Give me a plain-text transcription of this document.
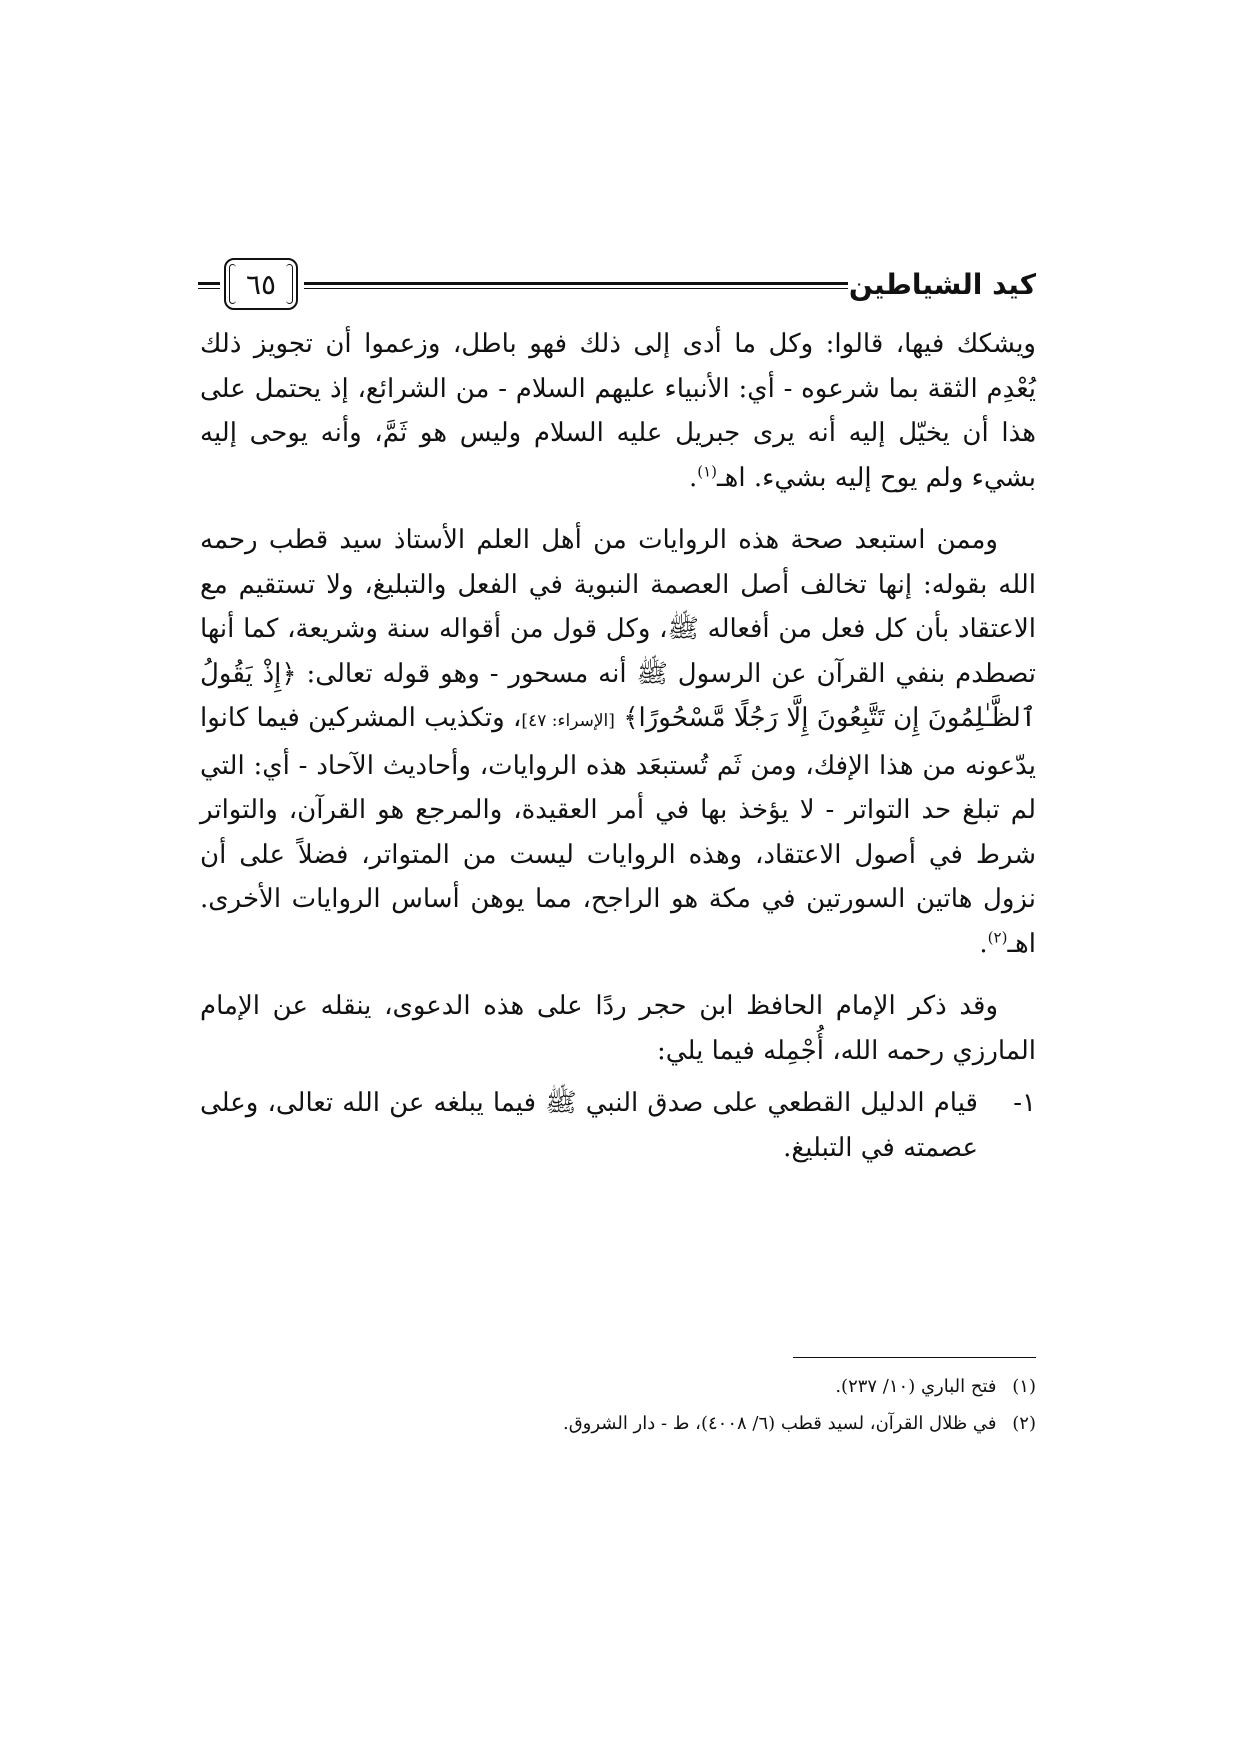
كيد الشياطين
٦٥

ويشكك فيها، قالوا: وكل ما أدى إلى ذلك فهو باطل، وزعموا أن تجويز ذلك يُعْدِم الثقة بما شرعوه - أي: الأنبياء عليهم السلام - من الشرائع، إذ يحتمل على هذا أن يخيّل إليه أنه يرى جبريل عليه السلام وليس هو ثَمَّ، وأنه يوحى إليه بشيء ولم يوح إليه بشيء. اهـ$^{(١)}$.

وممن استبعد صحة هذه الروايات من أهل العلم الأستاذ سيد قطب رحمه الله بقوله: إنها تخالف أصل العصمة النبوية في الفعل والتبليغ، ولا تستقيم مع الاعتقاد بأن كل فعل من أفعاله ﷺ، وكل قول من أقواله سنة وشريعة، كما أنها تصطدم بنفي القرآن عن الرسول ﷺ أنه مسحور - وهو قوله تعالى: ﴿إِذْ يَقُولُ ٱلظَّـٰلِمُونَ إِن تَتَّبِعُونَ إِلَّا رَجُلًا مَّسْحُورًا﴾ [الإسراء: ٤٧]، وتكذيب المشركين فيما كانوا يدّعونه من هذا الإفك، ومن ثَم تُستبعَد هذه الروايات، وأحاديث الآحاد - أي: التي لم تبلغ حد التواتر - لا يؤخذ بها في أمر العقيدة، والمرجع هو القرآن، والتواتر شرط في أصول الاعتقاد، وهذه الروايات ليست من المتواتر، فضلاً على أن نزول هاتين السورتين في مكة هو الراجح، مما يوهن أساس الروايات الأخرى. اهـ$^{(٢)}$.

وقد ذكر الإمام الحافظ ابن حجر ردًا على هذه الدعوى، ينقله عن الإمام المارزي رحمه الله، أُجْمِله فيما يلي:

١-
قيام الدليل القطعي على صدق النبي ﷺ فيما يبلغه عن الله تعالى، وعلى عصمته في التبليغ.
(١) فتح الباري (١٠/ ٢٣٧).
(٢) في ظلال القرآن، لسيد قطب (٦/ ٤٠٠٨)، ط - دار الشروق.
